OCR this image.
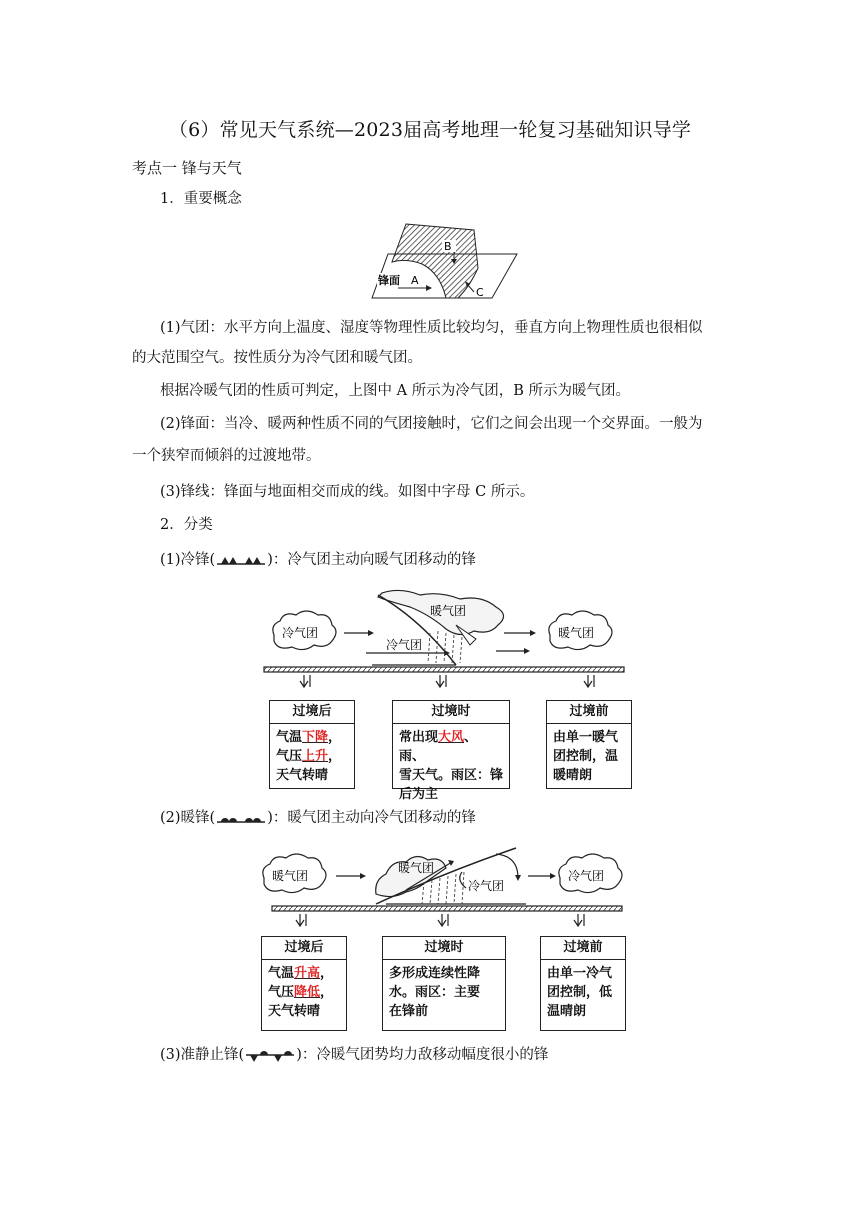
（6）常见天气系统—2023届高考地理一轮复习基础知识导学
考点一 锋与天气
1．重要概念
B
锋面 A
C
(1)气团：水平方向上温度、湿度等物理性质比较均匀，垂直方向上物理性质也很相似
的大范围空气。按性质分为冷气团和暖气团。
根据冷暖气团的性质可判定，上图中 A 所示为冷气团，B 所示为暖气团。
(2)锋面：当冷、暖两种性质不同的气团接触时，它们之间会出现一个交界面。一般为
一个狭窄而倾斜的过渡地带。
(3)锋线：锋面与地面相交而成的线。如图中字母 C 所示。
2．分类
(1)冷锋(	)：冷气团主动向暖气团移动的锋
冷气团
暖气团
冷气团
暖气团
过境后
气温下降，
气压上升，
天气转晴
过境时
常出现大风、雨、
雪天气。雨区：锋
后为主
过境前
由单一暖气
团控制，温
暖晴朗
(2)暖锋(	)：暖气团主动向冷气团移动的锋
暖气团
暖气团
冷气团
冷气团
过境后
气温升高，
气压降低，
天气转晴
过境时
多形成连续性降
水。雨区：主要
在锋前
过境前
由单一冷气
团控制，低
温晴朗
(3)准静止锋(	)：冷暖气团势均力敌移动幅度很小的锋
